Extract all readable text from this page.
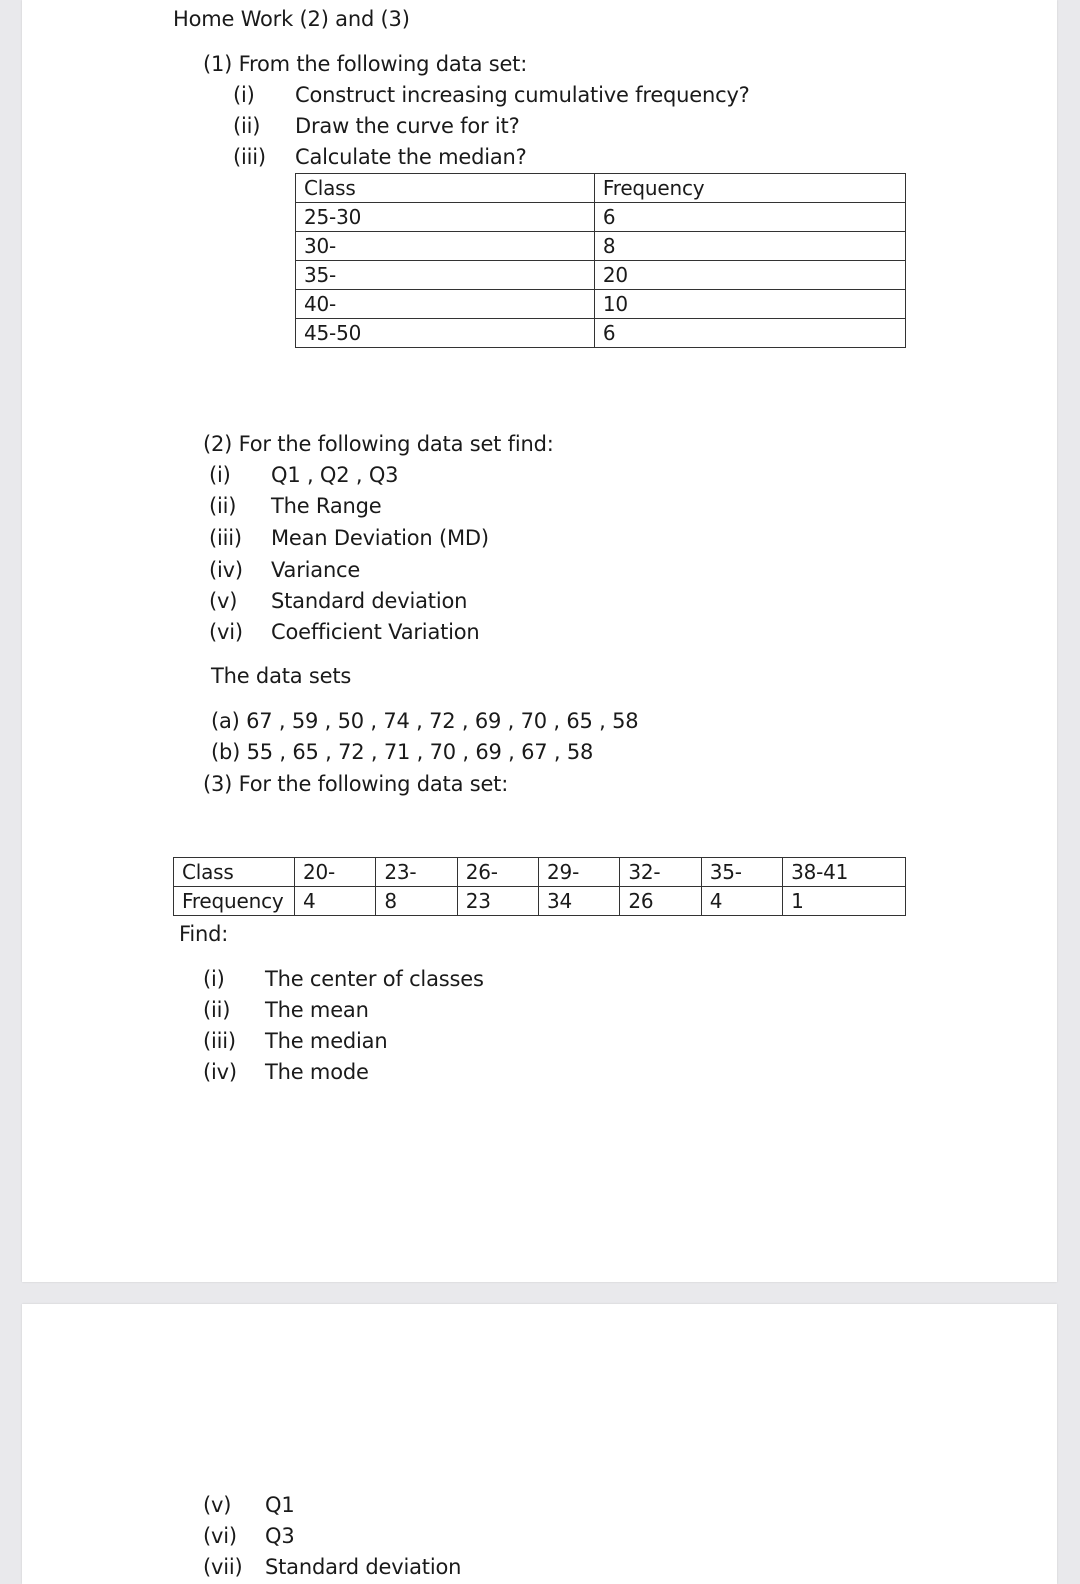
Home Work (2) and (3)
(1) From the following data set:
(i) Construct increasing cumulative frequency?
(ii) Draw the curve for it?
(iii) Calculate the median?
Class	Frequency
25-30	6
30-	8
35-	20
40-	10
45-50	6
(2) For the following data set find:
(i) Q1 , Q2 , Q3
(ii) The Range
(iii) Mean Deviation (MD)
(iv) Variance
(v) Standard deviation
(vi) Coefficient Variation
The data sets
(a) 67 , 59 , 50 , 74 , 72 , 69 , 70 , 65 , 58
(b) 55 , 65 , 72 , 71 , 70 , 69 , 67 , 58
(3) For the following data set:
Class	20-	23-	26-	29-	32-	35-	38-41
Frequency	4	8	23	34	26	4	1
Find:
(i) The center of classes
(ii) The mean
(iii) The median
(iv) The mode
(v) Q1
(vi) Q3
(vii) Standard deviation
